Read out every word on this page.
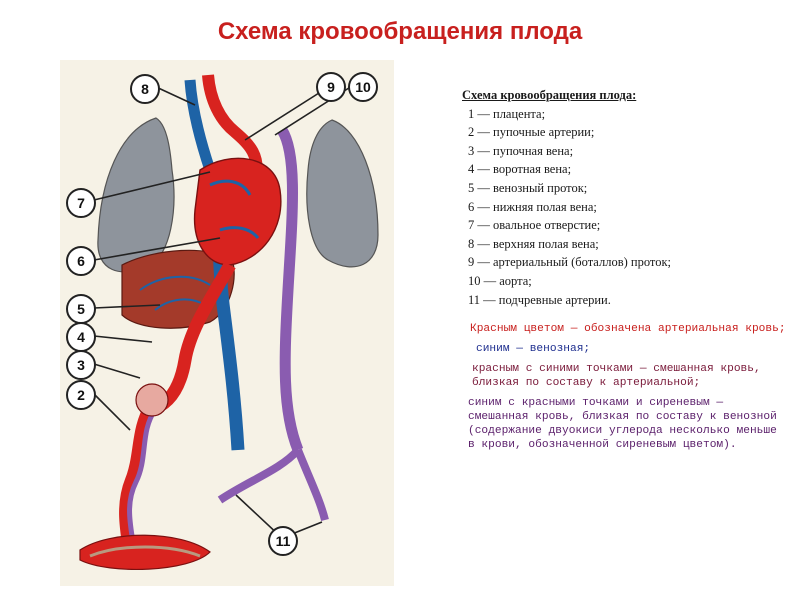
Схема кровообращения плода
8	9	10
7
6
5
4
3
2
11
Схема кровообращения плода:
1 — плацента;
2 — пупочные артерии;
3 — пупочная вена;
4 — воротная вена;
5 — венозный проток;
6 — нижняя полая вена;
7 — овальное отверстие;
8 — верхняя полая вена;
9 — артериальный (боталлов) проток;
10 — аорта;
11 — подчревные артерии.

Красным цветом — обозначена артериальная кровь;

синим — венозная;

красным с синими точками — смешанная кровь, близкая по составу к артериальной;

синим с красными точками и сиреневым — смешанная кровь, близкая по составу к венозной (содержание двуокиси углерода несколько меньше в крови, обозначенной сиреневым цветом).
